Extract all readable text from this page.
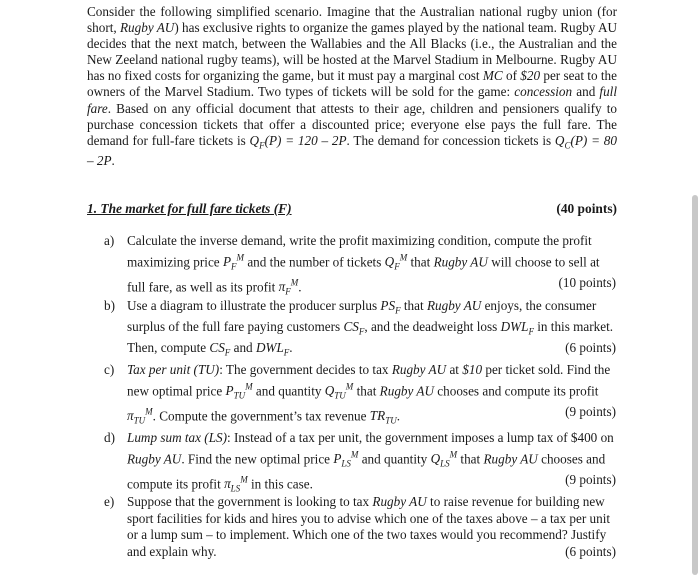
Consider the following simplified scenario. Imagine that the Australian national rugby union (for short, Rugby AU) has exclusive rights to organize the games played by the national team. Rugby AU decides that the next match, between the Wallabies and the All Blacks (i.e., the Australian and the New Zeeland national rugby teams), will be hosted at the Marvel Stadium in Melbourne. Rugby AU has no fixed costs for organizing the game, but it must pay a marginal cost MC of $20 per seat to the owners of the Marvel Stadium. Two types of tickets will be sold for the game: concession and full fare. Based on any official document that attests to their age, children and pensioners qualify to purchase concession tickets that offer a discounted price; everyone else pays the full fare. The demand for full-fare tickets is $Q_F(P) = 120 - 2P$. The demand for concession tickets is $Q_C(P) = 80 - 2P$.
1. The market for full fare tickets (F)	(40 points)
a) Calculate the inverse demand, write the profit maximizing condition, compute the profit maximizing price $P_F^M$ and the number of tickets $Q_F^M$ that Rugby AU will choose to sell at full fare, as well as its profit $\pi_F^M$.	(10 points)
b) Use a diagram to illustrate the producer surplus $PS_F$ that Rugby AU enjoys, the consumer surplus of the full fare paying customers $CS_F$, and the deadweight loss $DWL_F$ in this market. Then, compute $CS_F$ and $DWL_F$.	(6 points)
c) Tax per unit (TU): The government decides to tax Rugby AU at $10 per ticket sold. Find the new optimal price $P_{TU}^M$ and quantity $Q_{TU}^M$ that Rugby AU chooses and compute its profit $\pi_{TU}^M$. Compute the government’s tax revenue $TR_{TU}$.	(9 points)
d) Lump sum tax (LS): Instead of a tax per unit, the government imposes a lump tax of $400 on Rugby AU. Find the new optimal price $P_{LS}^M$ and quantity $Q_{LS}^M$ that Rugby AU chooses and compute its profit $\pi_{LS}^M$ in this case.	(9 points)
e) Suppose that the government is looking to tax Rugby AU to raise revenue for building new sport facilities for kids and hires you to advise which one of the taxes above – a tax per unit or a lump sum – to implement. Which one of the two taxes would you recommend? Justify and explain why.	(6 points)
